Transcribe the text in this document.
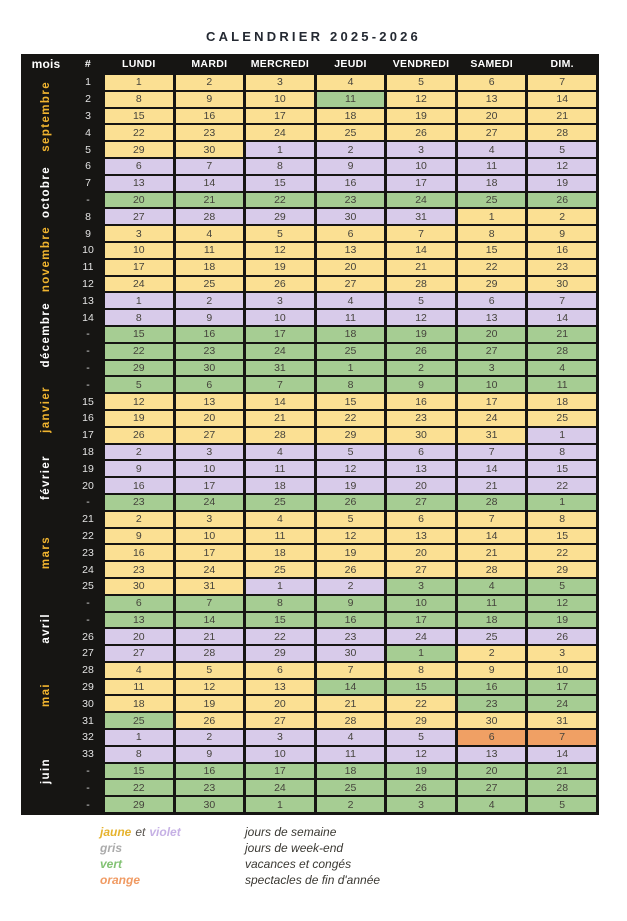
CALENDRIER 2025-2026
mois	#	LUNDI	MARDI	MERCREDI	JEUDI	VENDREDI	SAMEDI	DIM.
septembre	1	1	2	3	4	5	6	7
2	8	9	10	11	12	13	14
3	15	16	17	18	19	20	21
4	22	23	24	25	26	27	28
5	29	30	1	2	3	4	5
octobre	6	6	7	8	9	10	11	12
7	13	14	15	16	17	18	19
-	20	21	22	23	24	25	26
8	27	28	29	30	31	1	2
novembre	9	3	4	5	6	7	8	9
10	10	11	12	13	14	15	16
11	17	18	19	20	21	22	23
12	24	25	26	27	28	29	30
décembre
13	1	2	3	4	5	6	7
14	8	9	10	11	12	13	14
-	15	16	17	18	19	20	21
-	22	23	24	25	26	27	28
-	29	30	31	1	2	3	4
janvier
-	5	6	7	8	9	10	11
15	12	13	14	15	16	17	18
16	19	20	21	22	23	24	25
17	26	27	28	29	30	31	1
février
18	2	3	4	5	6	7	8
19	9	10	11	12	13	14	15
20	16	17	18	19	20	21	22
-	23	24	25	26	27	28	1
mars
21	2	3	4	5	6	7	8
22	9	10	11	12	13	14	15
23	16	17	18	19	20	21	22
24	23	24	25	26	27	28	29
25	30	31	1	2	3	4	5
avril
-	6	7	8	9	10	11	12
-	13	14	15	16	17	18	19
26	20	21	22	23	24	25	26
27	27	28	29	30	1	2	3
mai
28	4	5	6	7	8	9	10
29	11	12	13	14	15	16	17
30	18	19	20	21	22	23	24
31	25	26	27	28	29	30	31
juin
32	1	2	3	4	5	6	7
33	8	9	10	11	12	13	14
-	15	16	17	18	19	20	21
-	22	23	24	25	26	27	28
-	29	30	1	2	3	4	5
jaune et violet	jours de semaine
gris	jours de week-end
vert	vacances et congés
orange	spectacles de fin d'année
